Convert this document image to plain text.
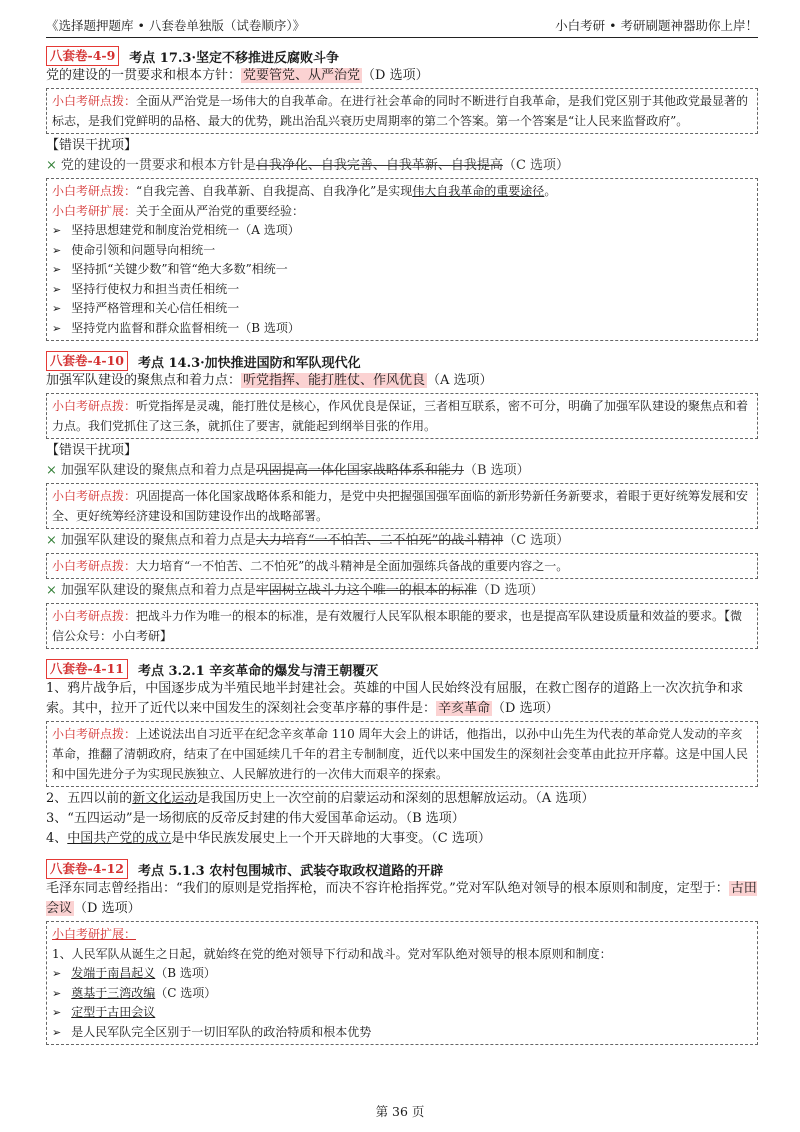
《选择题押题库 • 八套卷单独版（试卷顺序）》	小白考研 • 考研刷题神器助你上岸！
八套卷-4-9	考点 17.3·坚定不移推进反腐败斗争
党的建设的一贯要求和根本方针： 党要管党、从严治党 （D 选项）
小白考研点拨：全面从严治党是一场伟大的自我革命。在进行社会革命的同时不断进行自我革命，是我们党区别于其他政党最显著的标志，是我们党鲜明的品格、最大的优势，跳出治乱兴衰历史周期率的第二个答案。第一个答案是“让人民来监督政府”。
【错误干扰项】
× 党的建设的一贯要求和根本方针是自我净化、自我完善、自我革新、自我提高（C 选项）
小白考研点拨：“自我完善、自我革新、自我提高、自我净化”是实现伟大自我革命的重要途径。
小白考研扩展：关于全面从严治党的重要经验：
➢ 坚持思想建党和制度治党相统一（A 选项）
➢ 使命引领和问题导向相统一
➢ 坚持抓“关键少数”和管“绝大多数”相统一
➢ 坚持行使权力和担当责任相统一
➢ 坚持严格管理和关心信任相统一
➢ 坚持党内监督和群众监督相统一（B 选项）
八套卷-4-10	考点 14.3·加快推进国防和军队现代化
加强军队建设的聚焦点和着力点： 听党指挥、能打胜仗、作风优良 （A 选项）
小白考研点拨：听党指挥是灵魂，能打胜仗是核心，作风优良是保证，三者相互联系，密不可分，明确了加强军队建设的聚焦点和着力点。我们党抓住了这三条，就抓住了要害，就能起到纲举目张的作用。
【错误干扰项】
× 加强军队建设的聚焦点和着力点是巩固提高一体化国家战略体系和能力（B 选项）
小白考研点拨：巩固提高一体化国家战略体系和能力，是党中央把握强国强军面临的新形势新任务新要求，着眼于更好统筹发展和安全、更好统筹经济建设和国防建设作出的战略部署。
× 加强军队建设的聚焦点和着力点是大力培育“一不怕苦、二不怕死”的战斗精神（C 选项）
小白考研点拨：大力培育“一不怕苦、二不怕死”的战斗精神是全面加强练兵备战的重要内容之一。
× 加强军队建设的聚焦点和着力点是牢固树立战斗力这个唯一的根本的标准（D 选项）
小白考研点拨：把战斗力作为唯一的根本的标准，是有效履行人民军队根本职能的要求，也是提高军队建设质量和效益的要求。【微信公众号：小白考研】
八套卷-4-11	考点 3.2.1 辛亥革命的爆发与清王朝覆灭
1、鸦片战争后，中国逐步成为半殖民地半封建社会。英雄的中国人民始终没有屈服，在救亡图存的道路上一次次抗争和求索。其中，拉开了近代以来中国发生的深刻社会变革序幕的事件是： 辛亥革命 （D 选项）
小白考研点拨：上述说法出自习近平在纪念辛亥革命 110 周年大会上的讲话，他指出，以孙中山先生为代表的革命党人发动的辛亥革命，推翻了清朝政府，结束了在中国延续几千年的君主专制制度，近代以来中国发生的深刻社会变革由此拉开序幕。这是中国人民和中国先进分子为实现民族独立、人民解放进行的一次伟大而艰辛的探索。
2、五四以前的新文化运动是我国历史上一次空前的启蒙运动和深刻的思想解放运动。（A 选项）
3、“五四运动”是一场彻底的反帝反封建的伟大爱国革命运动。（B 选项）
4、中国共产党的成立是中华民族发展史上一个开天辟地的大事变。（C 选项）
八套卷-4-12	考点 5.1.3 农村包围城市、武装夺取政权道路的开辟
毛泽东同志曾经指出：“我们的原则是党指挥枪，而决不容许枪指挥党。”党对军队绝对领导的根本原则和制度，定型于： 古田会议 （D 选项）
小白考研扩展：
1、人民军队从诞生之日起，就始终在党的绝对领导下行动和战斗。党对军队绝对领导的根本原则和制度：
➢ 发端于南昌起义（B 选项）
➢ 奠基于三湾改编（C 选项）
➢ 定型于古田会议
➢ 是人民军队完全区别于一切旧军队的政治特质和根本优势
第 36 页
